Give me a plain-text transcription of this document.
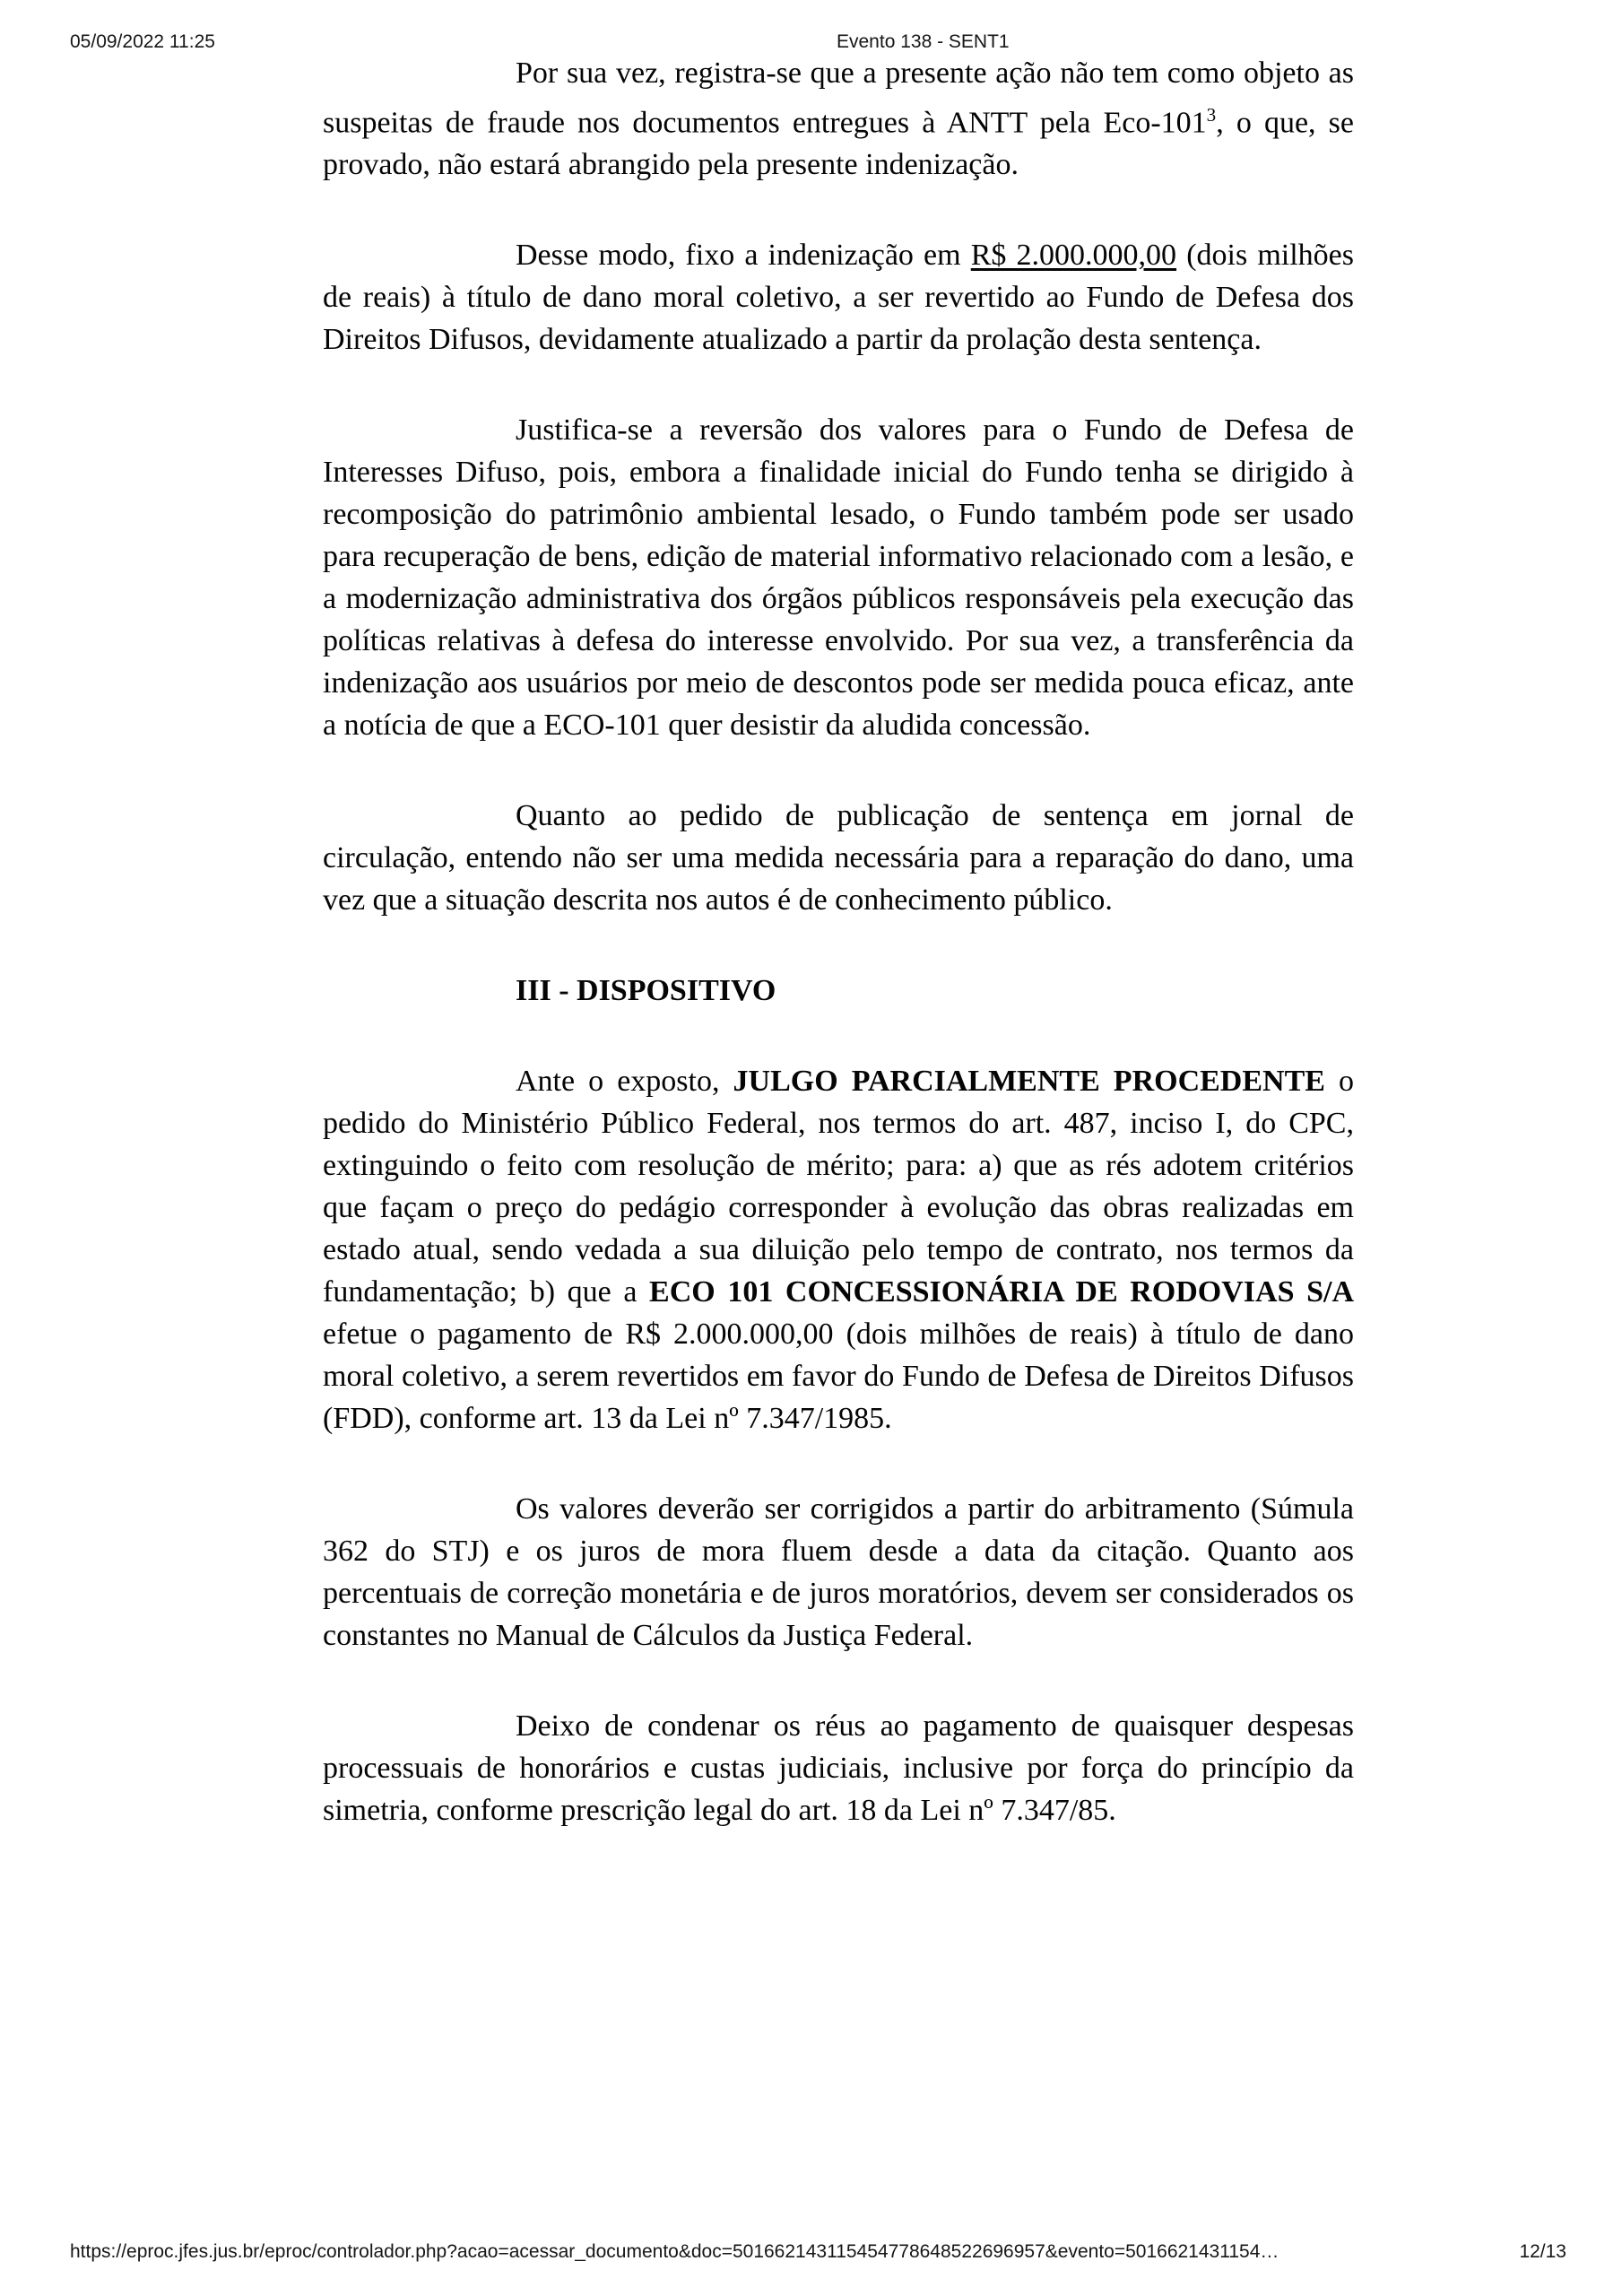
05/09/2022 11:25	Evento 138 - SENT1

Por sua vez, registra-se que a presente ação não tem como objeto as suspeitas de fraude nos documentos entregues à ANTT pela Eco-$101^3$, o que, se provado, não estará abrangido pela presente indenização.

Desse modo, fixo a indenização em R$ 2.000.000,00 (dois milhões de reais) à título de dano moral coletivo, a ser revertido ao Fundo de Defesa dos Direitos Difusos, devidamente atualizado a partir da prolação desta sentença.

Justifica-se a reversão dos valores para o Fundo de Defesa de Interesses Difuso, pois, embora a finalidade inicial do Fundo tenha se dirigido à recomposição do patrimônio ambiental lesado, o Fundo também pode ser usado para recuperação de bens, edição de material informativo relacionado com a lesão, e a modernização administrativa dos órgãos públicos responsáveis pela execução das políticas relativas à defesa do interesse envolvido. Por sua vez, a transferência da indenização aos usuários por meio de descontos pode ser medida pouca eficaz, ante a notícia de que a ECO-101 quer desistir da aludida concessão.

Quanto ao pedido de publicação de sentença em jornal de circulação, entendo não ser uma medida necessária para a reparação do dano, uma vez que a situação descrita nos autos é de conhecimento público.

III - DISPOSITIVO

Ante o exposto, JULGO PARCIALMENTE PROCEDENTE o pedido do Ministério Público Federal, nos termos do art. 487, inciso I, do CPC, extinguindo o feito com resolução de mérito; para: a) que as rés adotem critérios que façam o preço do pedágio corresponder à evolução das obras realizadas em estado atual, sendo vedada a sua diluição pelo tempo de contrato, nos termos da fundamentação; b) que a ECO 101 CONCESSIONÁRIA DE RODOVIAS S/A efetue o pagamento de R$ 2.000.000,00 (dois milhões de reais) à título de dano moral coletivo, a serem revertidos em favor do Fundo de Defesa de Direitos Difusos (FDD), conforme art. 13 da Lei nº 7.347/1985.

Os valores deverão ser corrigidos a partir do arbitramento (Súmula 362 do STJ) e os juros de mora fluem desde a data da citação. Quanto aos percentuais de correção monetária e de juros moratórios, devem ser considerados os constantes no Manual de Cálculos da Justiça Federal.

Deixo de condenar os réus ao pagamento de quaisquer despesas processuais de honorários e custas judiciais, inclusive por força do princípio da simetria, conforme prescrição legal do art. 18 da Lei nº 7.347/85.

https://eproc.jfes.jus.br/eproc/controlador.php?acao=acessar_documento&doc=501662143115454778648522696957&evento=5016621431154…	12/13
